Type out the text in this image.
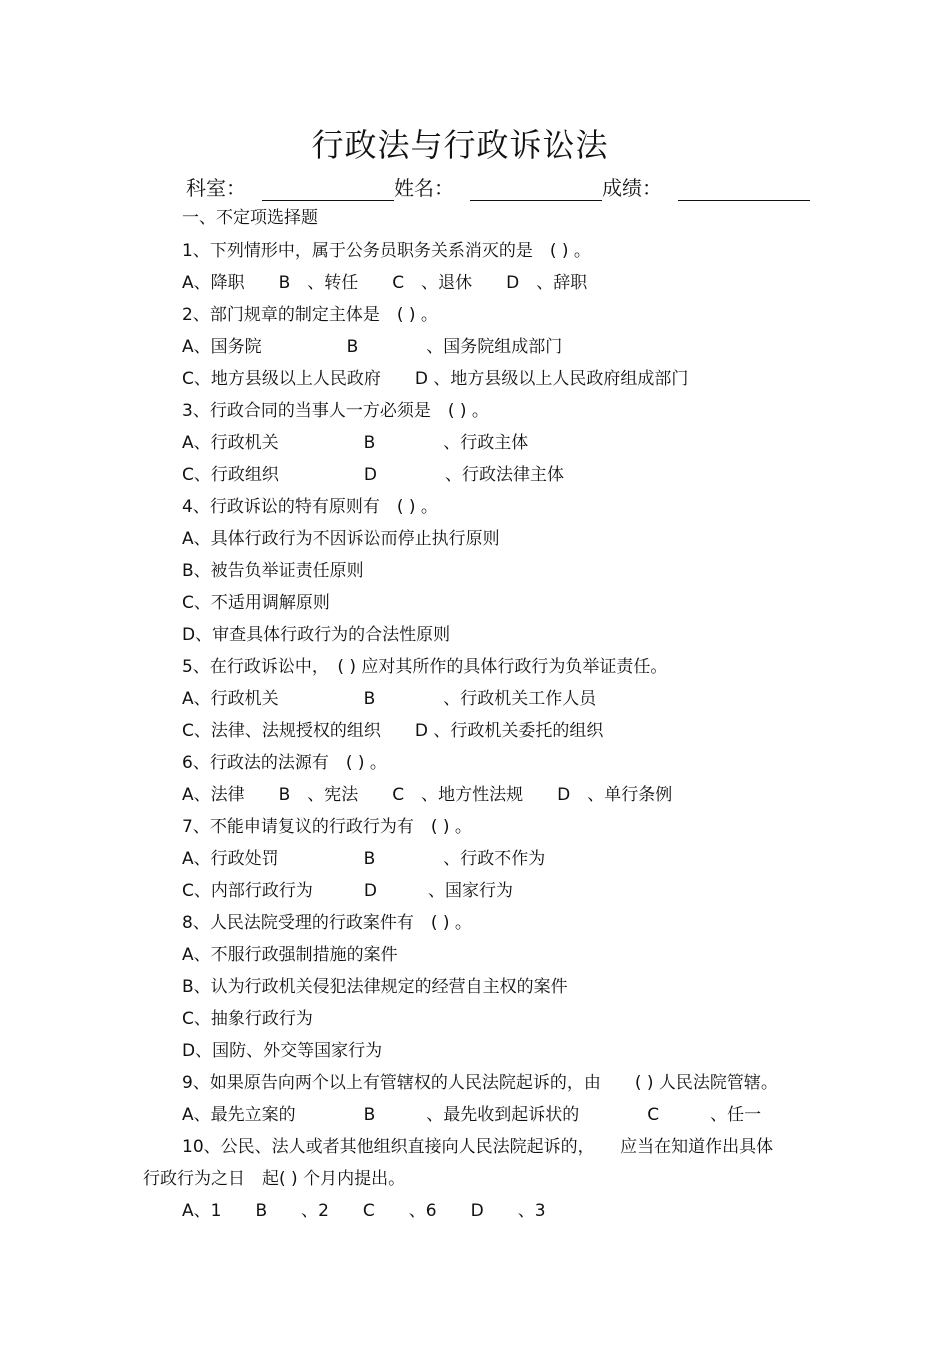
行政法与行政诉讼法
科室：	姓名：	成绩：
一、不定项选择题
1、下列情形中，属于公务员职务关系消灭的是　( ) 。
A、降职　　B　、转任　　C　、退休　　D　、辞职
2、部门规章的制定主体是　( ) 。
A、国务院　　　　　B　　　　、国务院组成部门
C、地方县级以上人民政府　　D 、地方县级以上人民政府组成部门
3、行政合同的当事人一方必须是　( ) 。
A、行政机关　　　　　B　　　　、行政主体
C、行政组织　　　　　D　　　　、行政法律主体
4、行政诉讼的特有原则有　( ) 。
A、具体行政行为不因诉讼而停止执行原则
B、被告负举证责任原则
C、不适用调解原则
D、审查具体行政行为的合法性原则
5、在行政诉讼中，　( ) 应对其所作的具体行政行为负举证责任。
A、行政机关　　　　　B　　　　、行政机关工作人员
C、法律、法规授权的组织　　D 、行政机关委托的组织
6、行政法的法源有　( ) 。
A、法律　　B　、宪法　　C　、地方性法规　　D　、单行条例
7、不能申请复议的行政行为有　( ) 。
A、行政处罚　　　　　B　　　　、行政不作为
C、内部行政行为　　　D　　　、国家行为
8、人民法院受理的行政案件有　( ) 。
A、不服行政强制措施的案件
B、认为行政机关侵犯法律规定的经营自主权的案件
C、抽象行政行为
D、国防、外交等国家行为
9、如果原告向两个以上有管辖权的人民法院起诉的，由　　( ) 人民法院管辖。
A、最先立案的　　　　B　　　、最先收到起诉状的　　　　C　　　、任一
10、公民、法人或者其他组织直接向人民法院起诉的，　　应当在知道作出具体
行政行为之日　起( ) 个月内提出。
A、1　　B　　、2　　C　　、6　　D　　、3
